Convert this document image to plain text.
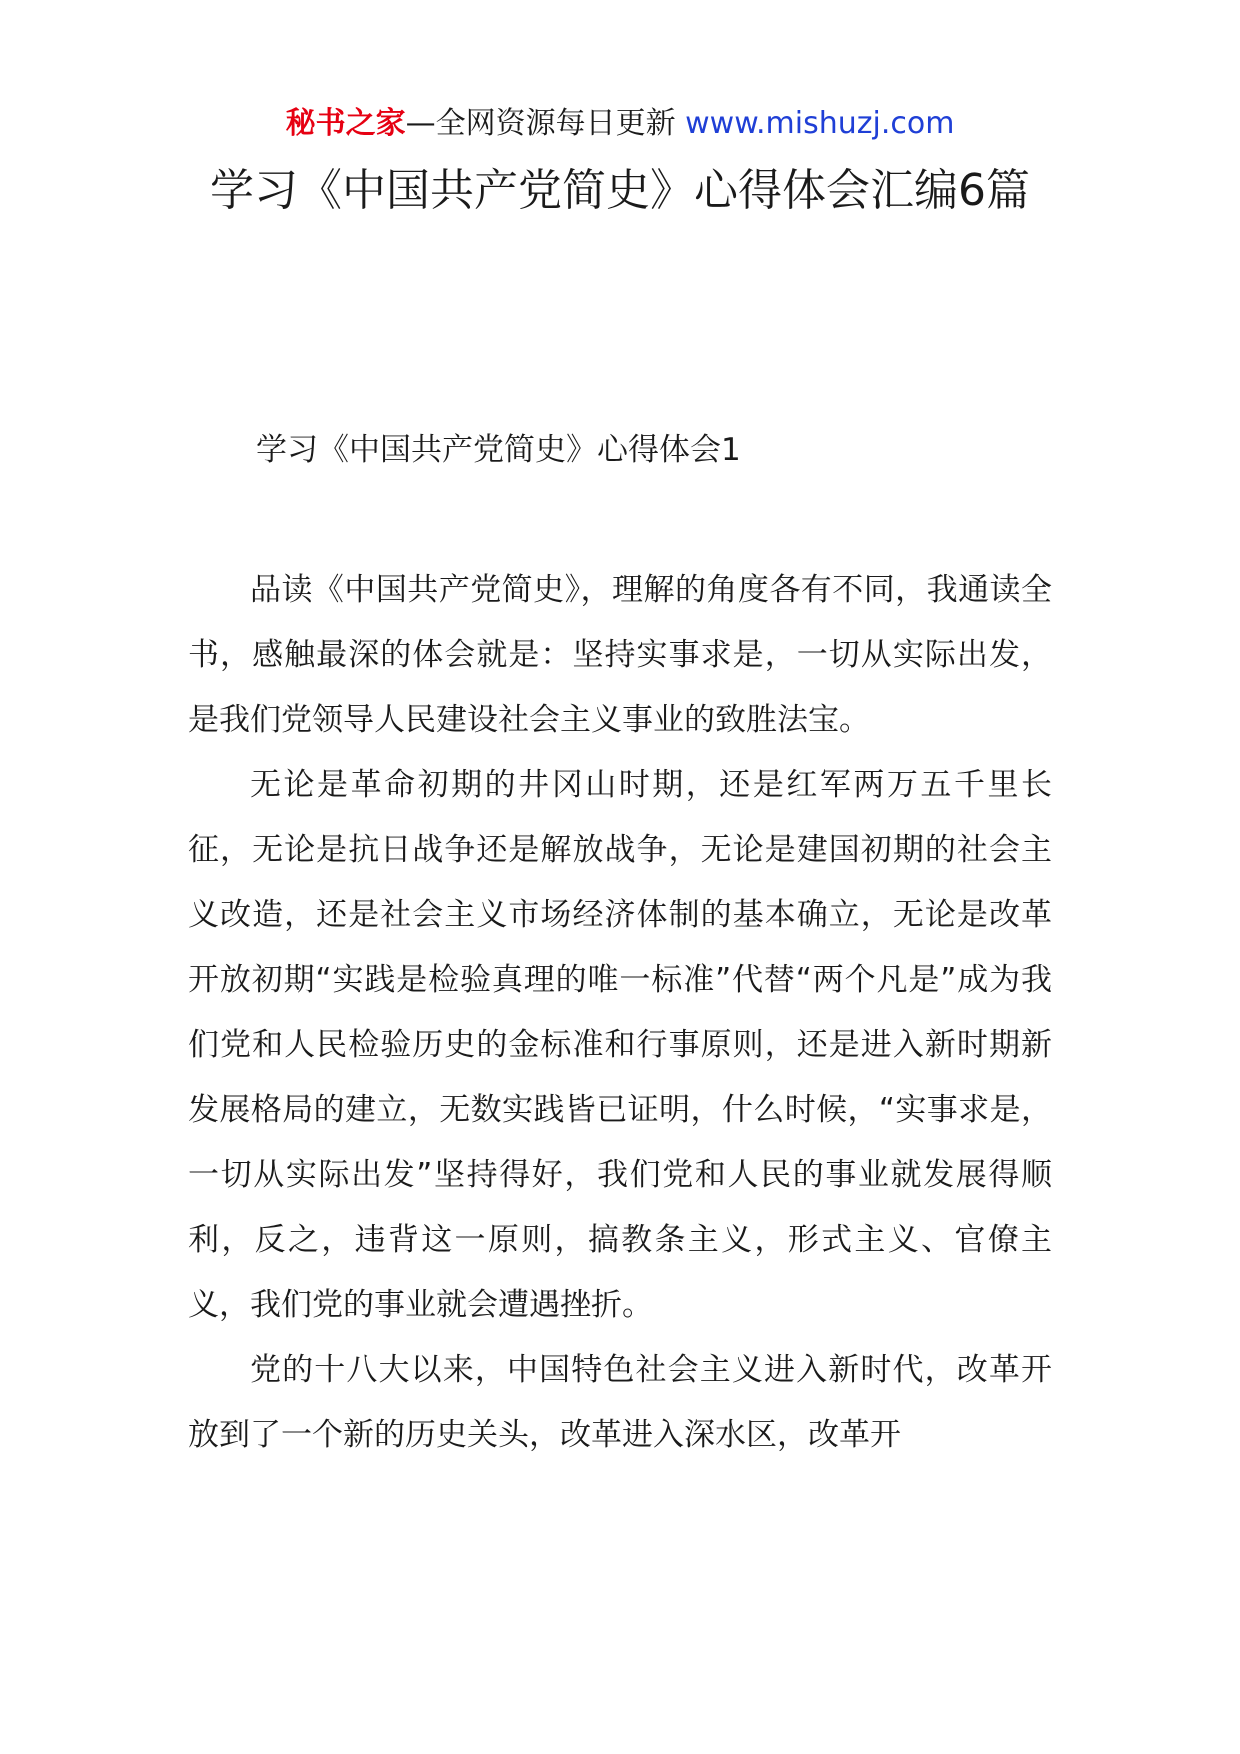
秘书之家—全网资源每日更新 www.mishuzj.com
学习《中国共产党简史》心得体会汇编6篇
学习《中国共产党简史》心得体会1

品读《中国共产党简史》，理解的角度各有不同，我通读全书，感触最深的体会就是：坚持实事求是，一切从实际出发，是我们党领导人民建设社会主义事业的致胜法宝。

无论是革命初期的井冈山时期，还是红军两万五千里长征，无论是抗日战争还是解放战争，无论是建国初期的社会主义改造，还是社会主义市场经济体制的基本确立，无论是改革开放初期“实践是检验真理的唯一标准”代替“两个凡是”成为我们党和人民检验历史的金标准和行事原则，还是进入新时期新发展格局的建立，无数实践皆已证明，什么时候，“实事求是，一切从实际出发”坚持得好，我们党和人民的事业就发展得顺利，反之，违背这一原则，搞教条主义，形式主义、官僚主义，我们党的事业就会遭遇挫折。

党的十八大以来，中国特色社会主义进入新时代，改革开放到了一个新的历史关头，改革进入深水区，改革开
